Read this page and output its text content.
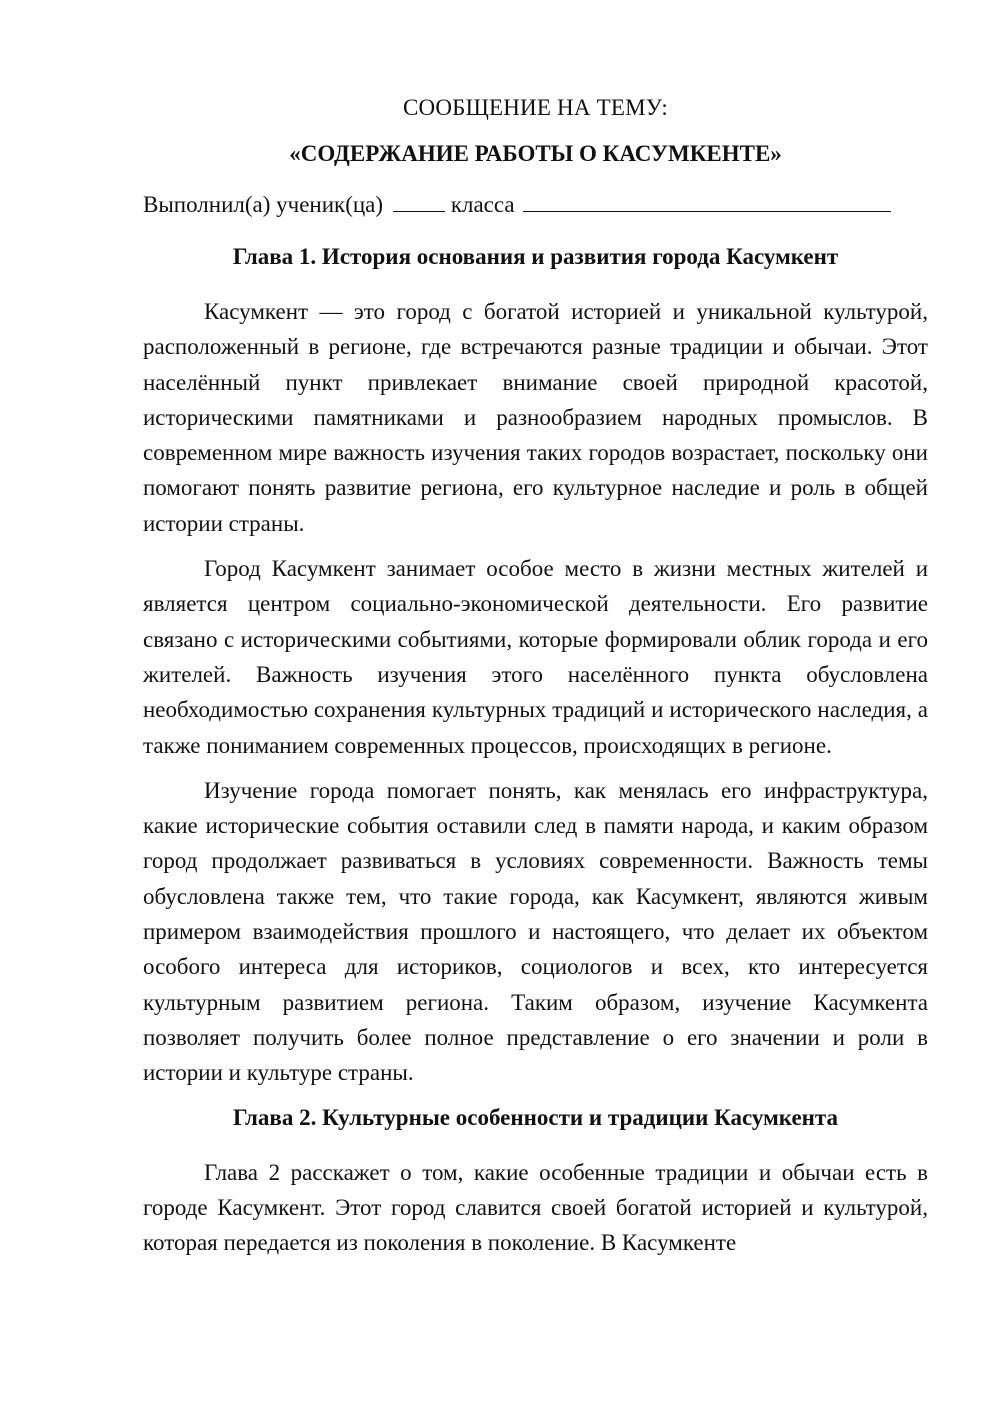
СООБЩЕНИЕ НА ТЕМУ:

«СОДЕРЖАНИЕ РАБОТЫ О КАСУМКЕНТЕ»

Выполнил(а) ученик(ца)	класса

Глава 1. История основания и развития города Касумкент

Касумкент — это город с богатой историей и уникальной культурой, расположенный в регионе, где встречаются разные традиции и обычаи. Этот населённый пункт привлекает внимание своей природной красотой, историческими памятниками и разнообразием народных промыслов. В современном мире важность изучения таких городов возрастает, поскольку они помогают понять развитие региона, его культурное наследие и роль в общей истории страны.

Город Касумкент занимает особое место в жизни местных жителей и является центром социально-экономической деятельности. Его развитие связано с историческими событиями, которые формировали облик города и его жителей. Важность изучения этого населённого пункта обусловлена необходимостью сохранения культурных традиций и исторического наследия, а также пониманием современных процессов, происходящих в регионе.

Изучение города помогает понять, как менялась его инфраструктура, какие исторические события оставили след в памяти народа, и каким образом город продолжает развиваться в условиях современности. Важность темы обусловлена также тем, что такие города, как Касумкент, являются живым примером взаимодействия прошлого и настоящего, что делает их объектом особого интереса для историков, социологов и всех, кто интересуется культурным развитием региона. Таким образом, изучение Касумкента позволяет получить более полное представление о его значении и роли в истории и культуре страны.

Глава 2. Культурные особенности и традиции Касумкента

Глава 2 расскажет о том, какие особенные традиции и обычаи есть в городе Касумкент. Этот город славится своей богатой историей и культурой, которая передается из поколения в поколение. В Касумкенте
